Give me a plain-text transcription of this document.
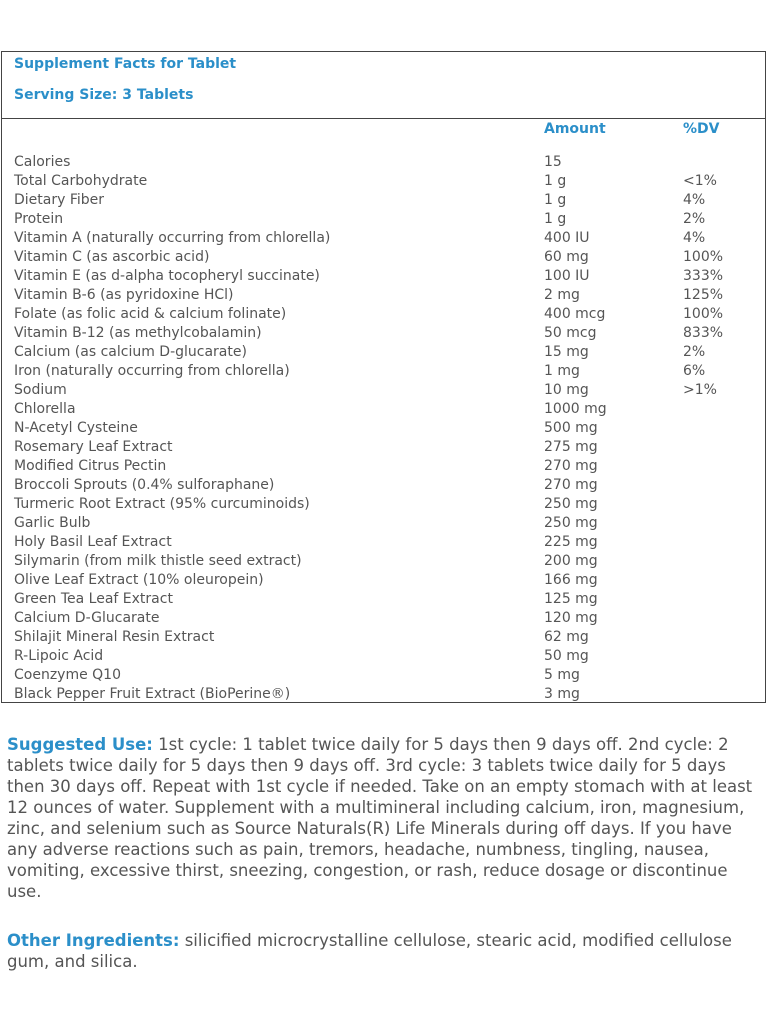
Supplement Facts for Tablet
Serving Size: 3 Tablets
Amount	%DV
Calories	15
Total Carbohydrate	1 g	<1%
Dietary Fiber	1 g	4%
Protein	1 g	2%
Vitamin A (naturally occurring from chlorella)	400 IU	4%
Vitamin C (as ascorbic acid)	60 mg	100%
Vitamin E (as d-alpha tocopheryl succinate)	100 IU	333%
Vitamin B-6 (as pyridoxine HCl)	2 mg	125%
Folate (as folic acid & calcium folinate)	400 mcg	100%
Vitamin B-12 (as methylcobalamin)	50 mcg	833%
Calcium (as calcium D-glucarate)	15 mg	2%
Iron (naturally occurring from chlorella)	1 mg	6%
Sodium	10 mg	>1%
Chlorella	1000 mg
N-Acetyl Cysteine	500 mg
Rosemary Leaf Extract	275 mg
Modified Citrus Pectin	270 mg
Broccoli Sprouts (0.4% sulforaphane)	270 mg
Turmeric Root Extract (95% curcuminoids)	250 mg
Garlic Bulb	250 mg
Holy Basil Leaf Extract	225 mg
Silymarin (from milk thistle seed extract)	200 mg
Olive Leaf Extract (10% oleuropein)	166 mg
Green Tea Leaf Extract	125 mg
Calcium D-Glucarate	120 mg
Shilajit Mineral Resin Extract	62 mg
R-Lipoic Acid	50 mg
Coenzyme Q10	5 mg
Black Pepper Fruit Extract (BioPerine®)	3 mg
Suggested Use: 1st cycle: 1 tablet twice daily for 5 days then 9 days off. 2nd cycle: 2 tablets twice daily for 5 days then 9 days off. 3rd cycle: 3 tablets twice daily for 5 days then 30 days off. Repeat with 1st cycle if needed. Take on an empty stomach with at least 12 ounces of water. Supplement with a multimineral including calcium, iron, magnesium, zinc, and selenium such as Source Naturals(R) Life Minerals during off days. If you have any adverse reactions such as pain, tremors, headache, numbness, tingling, nausea, vomiting, excessive thirst, sneezing, congestion, or rash, reduce dosage or discontinue use.
Other Ingredients: silicified microcrystalline cellulose, stearic acid, modified cellulose gum, and silica.
